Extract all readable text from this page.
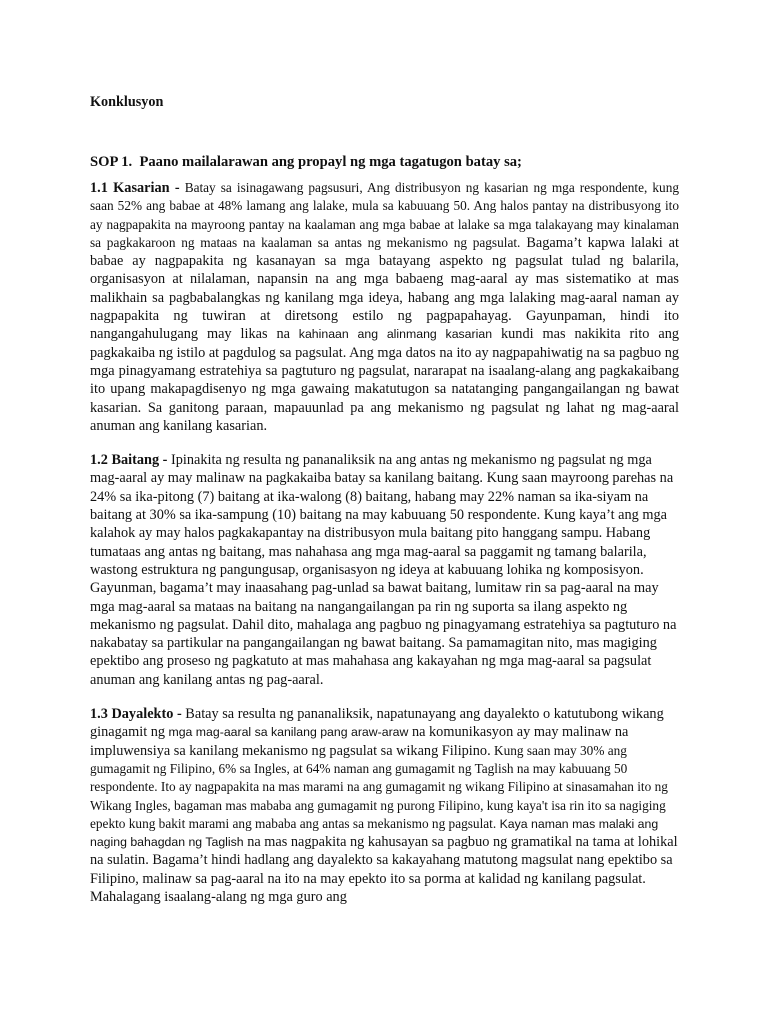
Konklusyon

SOP 1.  Paano mailalarawan ang propayl ng mga tagatugon batay sa;

1.1 Kasarian - Batay sa isinagawang pagsusuri, Ang distribusyon ng kasarian ng mga respondente, kung saan 52% ang babae at 48% lamang ang lalake, mula sa kabuuang 50. Ang halos pantay na distribusyong ito ay nagpapakita na mayroong pantay na kaalaman ang mga babae at lalake sa mga talakayang may kinalaman sa pagkakaroon ng mataas na kaalaman sa antas ng mekanismo ng pagsulat. Bagama’t kapwa lalaki at babae ay nagpapakita ng kasanayan sa mga batayang aspekto ng pagsulat tulad ng balarila, organisasyon at nilalaman, napansin na ang mga babaeng mag-aaral ay mas sistematiko at mas malikhain sa pagbabalangkas ng kanilang mga ideya, habang ang mga lalaking mag-aaral naman ay nagpapakita ng tuwiran at diretsong estilo ng pagpapahayag. Gayunpaman, hindi ito nangangahulugang may likas na kahinaan ang alinmang kasarian kundi mas nakikita rito ang pagkakaiba ng istilo at pagdulog sa pagsulat. Ang mga datos na ito ay nagpapahiwatig na sa pagbuo ng mga pinagyamang estratehiya sa pagtuturo ng pagsulat, nararapat na isaalang-alang ang pagkakaibang ito upang makapagdisenyo ng mga gawaing makatutugon sa natatanging pangangailangan ng bawat kasarian. Sa ganitong paraan, mapauunlad pa ang mekanismo ng pagsulat ng lahat ng mag-aaral anuman ang kanilang kasarian.

1.2 Baitang - Ipinakita ng resulta ng pananaliksik na ang antas ng mekanismo ng pagsulat ng mga mag-aaral ay may malinaw na pagkakaiba batay sa kanilang baitang. Kung saan mayroong parehas na 24% sa ika-pitong (7) baitang at ika-walong (8) baitang, habang may 22% naman sa ika-siyam na baitang at 30% sa ika-sampung (10) baitang na may kabuuang 50 respondente. Kung kaya’t ang mga kalahok ay may halos pagkakapantay na distribusyon mula baitang pito hanggang sampu. Habang tumataas ang antas ng baitang, mas nahahasa ang mga mag-aaral sa paggamit ng tamang balarila, wastong estruktura ng pangungusap, organisasyon ng ideya at kabuuang lohika ng komposisyon. Gayunman, bagama’t may inaasahang pag-unlad sa bawat baitang, lumitaw rin sa pag-aaral na may mga mag-aaral sa mataas na baitang na nangangailangan pa rin ng suporta sa ilang aspekto ng mekanismo ng pagsulat. Dahil dito, mahalaga ang pagbuo ng pinagyamang estratehiya sa pagtuturo na nakabatay sa partikular na pangangailangan ng bawat baitang. Sa pamamagitan nito, mas magiging epektibo ang proseso ng pagkatuto at mas mahahasa ang kakayahan ng mga mag-aaral sa pagsulat anuman ang kanilang antas ng pag-aaral.

1.3 Dayalekto - Batay sa resulta ng pananaliksik, napatunayang ang dayalekto o katutubong wikang ginagamit ng mga mag-aaral sa kanilang pang araw-araw na komunikasyon ay may malinaw na impluwensiya sa kanilang mekanismo ng pagsulat sa wikang Filipino. Kung saan may 30% ang gumagamit ng Filipino, 6% sa Ingles, at 64% naman ang gumagamit ng Taglish na may kabuuang 50 respondente. Ito ay nagpapakita na mas marami na ang gumagamit ng wikang Filipino at sinasamahan ito ng Wikang Ingles, bagaman mas mababa ang gumagamit ng purong Filipino, kung kaya't isa rin ito sa nagiging epekto kung bakit marami ang mababa ang antas sa mekanismo ng pagsulat. Kaya naman mas malaki ang naging bahagdan ng Taglish na mas nagpakita ng kahusayan sa pagbuo ng gramatikal na tama at lohikal na sulatin. Bagama’t hindi hadlang ang dayalekto sa kakayahang matutong magsulat nang epektibo sa Filipino, malinaw sa pag-aaral na ito na may epekto ito sa porma at kalidad ng kanilang pagsulat. Mahalagang isaalang-alang ng mga guro ang
